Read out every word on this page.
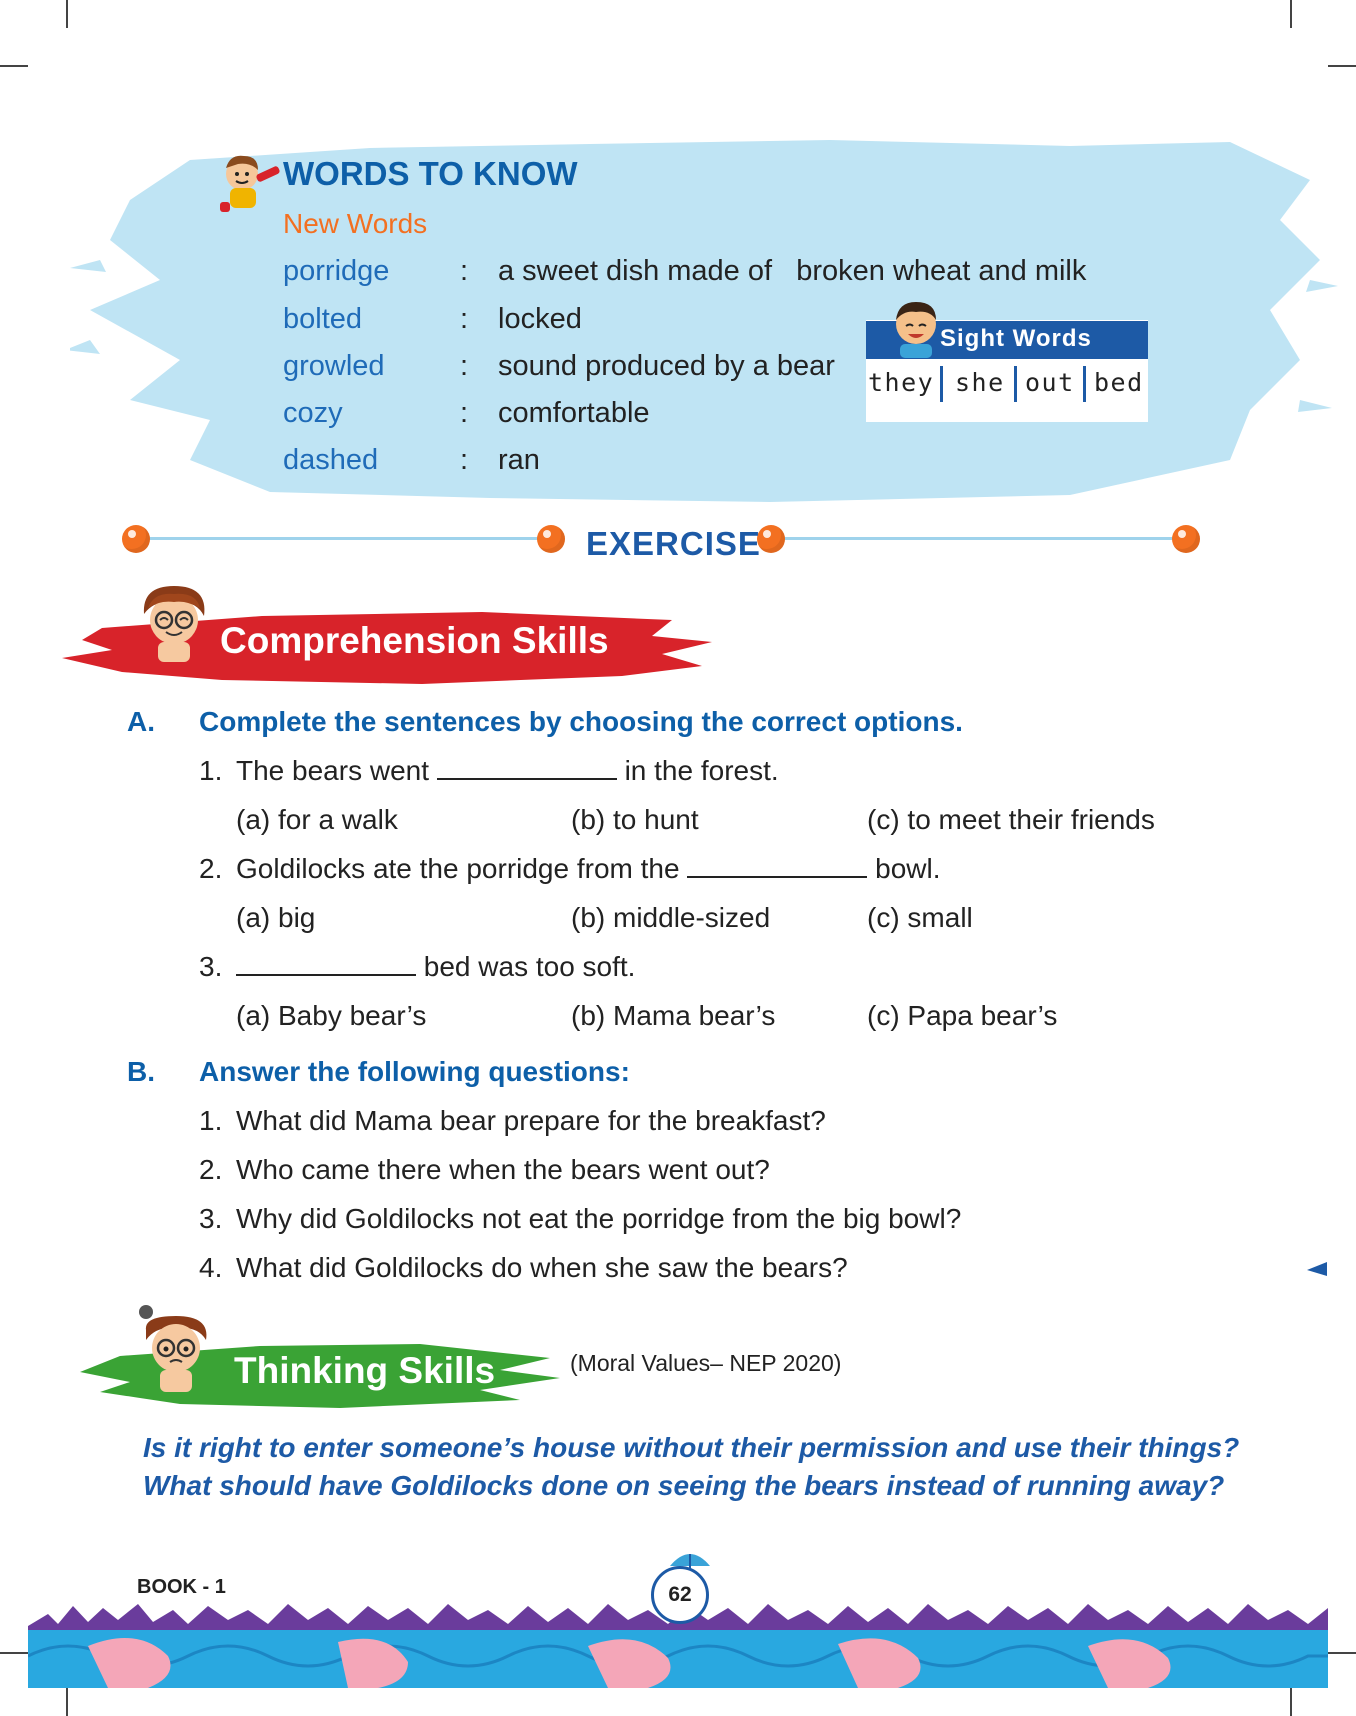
WORDS TO KNOW
New Words
porridge : a sweet dish made of   broken wheat and milk
bolted	: locked
growled	: sound produced by a bear
cozy	: comfortable
dashed	: ran
Sight Words
they she out bed
EXERCISE
Comprehension Skills
A. Complete the sentences by choosing the correct options.
1. The bears went	in the forest.
(a) for a walk	(b) to hunt	(c) to meet their friends
2. Goldilocks ate the porridge from the	bowl.
(a) big	(b) middle-sized	(c) small
3.	bed was too soft.
(a) Baby bear’s	(b) Mama bear’s	(c) Papa bear’s
B. Answer the following questions:
1. What did Mama bear prepare for the breakfast?
2. Who came there when the bears went out?
3. Why did Goldilocks not eat the porridge from the big bowl?
4. What did Goldilocks do when she saw the bears?
Thinking Skills	(Moral Values– NEP 2020)
Is it right to enter someone’s house without their permission and use their things?
What should have Goldilocks done on seeing the bears instead of running away?
BOOK - 1	62
